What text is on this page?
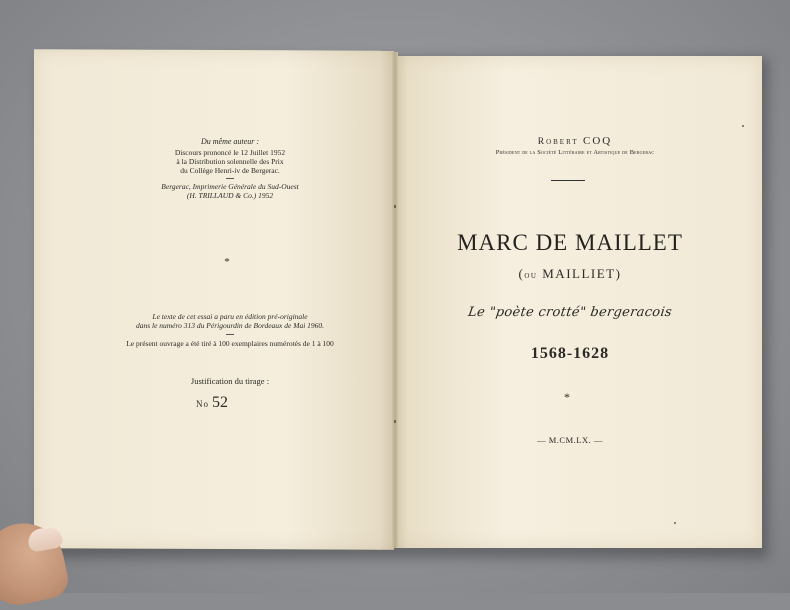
Du même auteur :
Discours prononcé le 12 Juillet 1952
à la Distribution solennelle des Prix
du Collège Henri-iv de Bergerac.
Bergerac, Imprimerie Générale du Sud-Ouest
(H. TRILLAUD & Co.) 1952
*
Le texte de cet essai a paru en édition pré-originale
dans le numéro 313 du Périgourdin de Bordeaux de Mai 1960.
Le présent ouvrage a été tiré à 100 exemplaires numérotés de 1 à 100
Justification du tirage :
No 52
Robert COQ
Président de la Société Littéraire et Artistique de Bergerac
MARC DE MAILLET
(ou MAILLIET)
Le "poète crotté" bergeracois
1568-1628
*
— M.CM.LX. —
